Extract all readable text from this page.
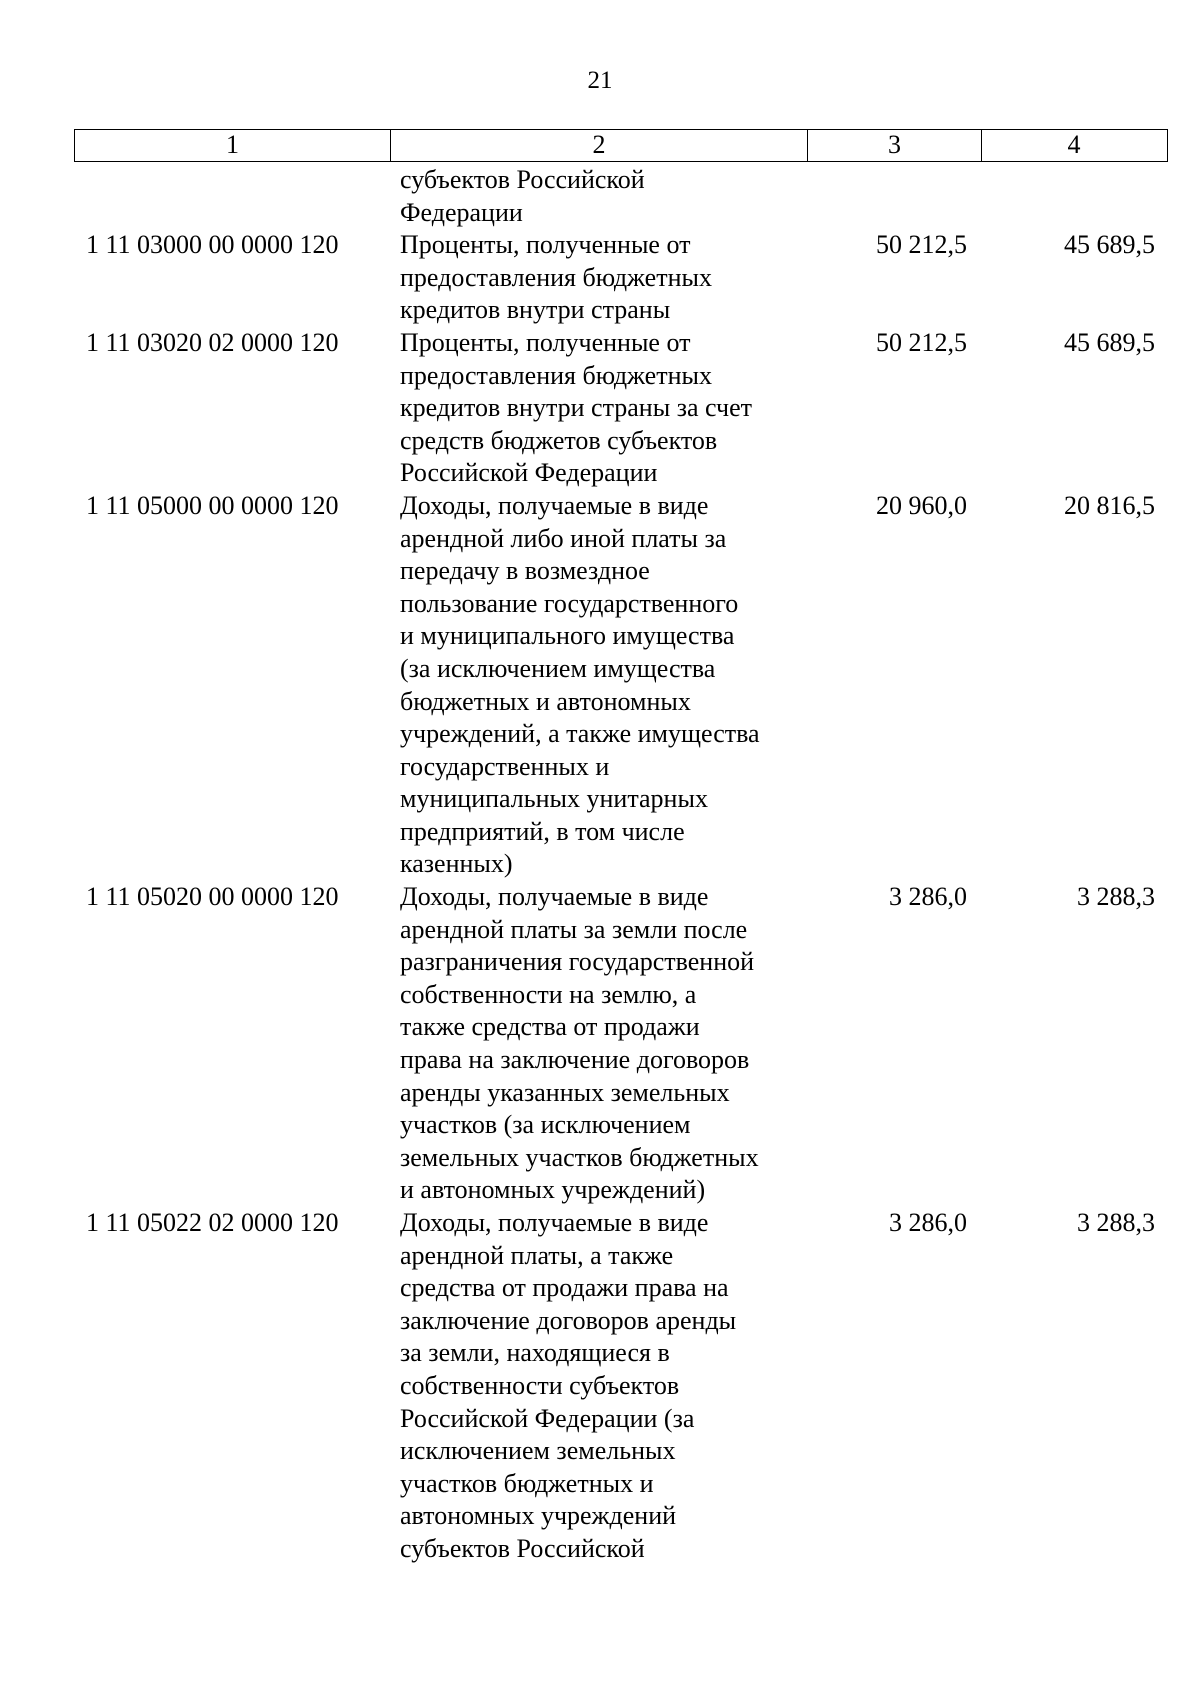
21
1	2	3	4
субъектов Российской
Федерации
1 11 03000 00 0000 120 Проценты, полученные от
предоставления бюджетных
кредитов внутри страны
50 212,5	45 689,5
1 11 03020 02 0000 120 Проценты, полученные от
предоставления бюджетных
кредитов внутри страны за счет
средств бюджетов субъектов
Российской Федерации
50 212,5	45 689,5
1 11 05000 00 0000 120 Доходы, получаемые в виде
арендной либо иной платы за
передачу в возмездное
пользование государственного
и муниципального имущества
(за исключением имущества
бюджетных и автономных
учреждений, а также имущества
государственных и
муниципальных унитарных
предприятий, в том числе
казенных)
20 960,0	20 816,5
1 11 05020 00 0000 120 Доходы, получаемые в виде
арендной платы за земли после
разграничения государственной
собственности на землю, а
также средства от продажи
права на заключение договоров
аренды указанных земельных
участков (за исключением
земельных участков бюджетных
и автономных учреждений)
3 286,0	3 288,3
1 11 05022 02 0000 120 Доходы, получаемые в виде
арендной платы, а также
средства от продажи права на
заключение договоров аренды
за земли, находящиеся в
собственности субъектов
Российской Федерации (за
исключением земельных
участков бюджетных и
автономных учреждений
субъектов Российской
3 286,0	3 288,3
